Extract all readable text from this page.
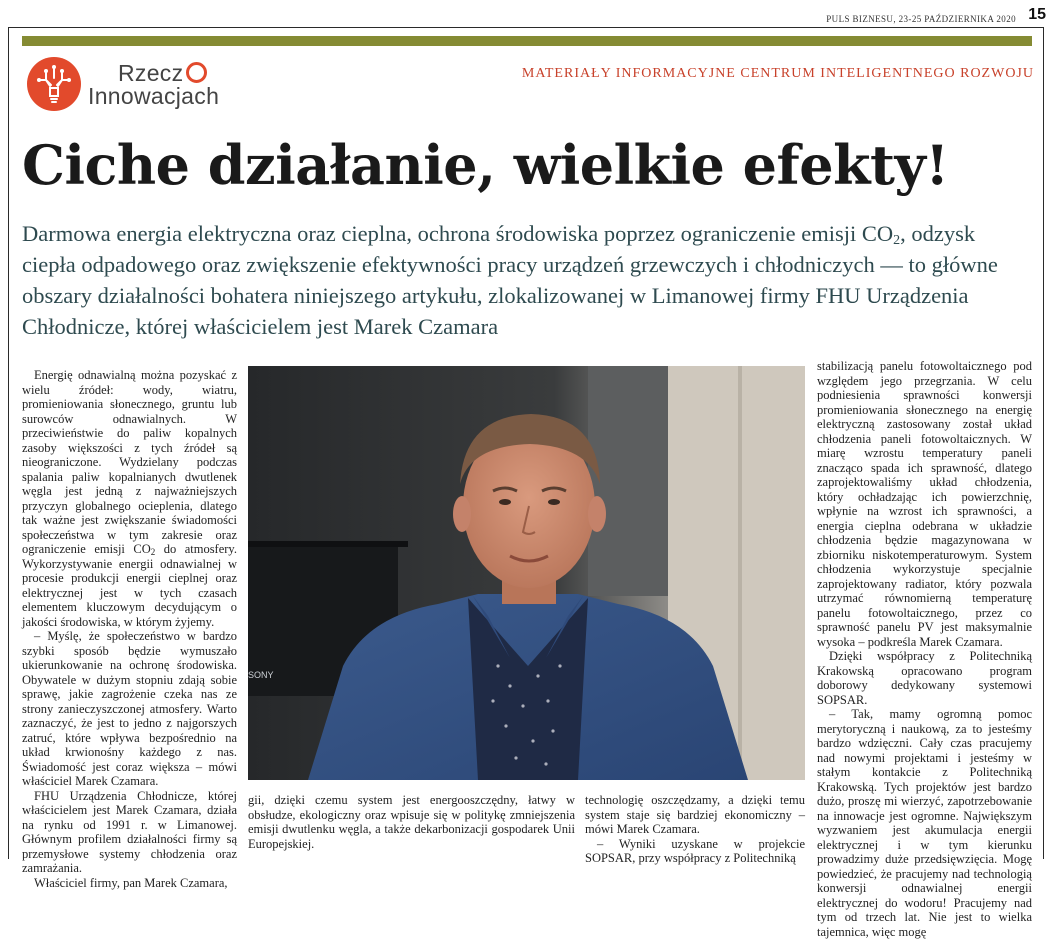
PULS BIZNESU, 23-25 PAŹDZIERNIKA 2020 15
Rzecz
Innowacjach
MATERIAŁY INFORMACYJNE CENTRUM INTELIGENTNEGO ROZWOJU
Ciche działanie, wielkie efekty!

Darmowa energia elektryczna oraz cieplna, ochrona środowiska poprzez ograniczenie emisji $CO_2$, odzysk ciepła odpadowego oraz zwiększenie efektywności pracy urządzeń grzewczych i chłodniczych — to główne obszary działalności bohatera niniejszego artykułu, zlokalizowanej w Limanowej firmy FHU Urządzenia Chłodnicze, której właścicielem jest Marek Czamara

Energię odnawialną można pozyskać z wielu źródeł: wody, wiatru, promieniowania słonecznego, gruntu lub surowców odnawialnych. W przeciwieństwie do paliw kopalnych zasoby większości z tych źródeł są nieograniczone. Wydzielany podczas spalania paliw kopalnianych dwutlenek węgla jest jedną z najważniejszych przyczyn globalnego ocieplenia, dlatego tak ważne jest zwiększanie świadomości społeczeństwa w tym zakresie oraz ograniczenie emisji $CO_2$ do atmosfery. Wykorzystywanie energii odnawialnej w procesie produkcji energii cieplnej oraz elektrycznej jest w tych czasach elementem kluczowym decydującym o jakości środowiska, w którym żyjemy.

– Myślę, że społeczeństwo w bardzo szybki sposób będzie wymuszało ukierunkowanie na ochronę środowiska. Obywatele w dużym stopniu zdają sobie sprawę, jakie zagrożenie czeka nas ze strony zanieczyszczonej atmosfery. Warto zaznaczyć, że jest to jedno z najgorszych zatruć, które wpływa bezpośrednio na układ krwionośny każdego z nas. Świadomość jest coraz większa – mówi właściciel Marek Czamara.

FHU Urządzenia Chłodnicze, której właścicielem jest Marek Czamara, działa na rynku od 1991 r. w Limanowej. Głównym profilem działalności firmy są przemysłowe systemy chłodzenia oraz zamrażania.

Właściciel firmy, pan Marek Czamara,

SONY

gii, dzięki czemu system jest energooszczędny, łatwy w obsłudze, ekologiczny oraz wpisuje się w politykę zmniejszenia emisji dwutlenku węgla, a także dekarbonizacji gospodarek Unii Europejskiej.

technologię oszczędzamy, a dzięki temu system staje się bardziej ekonomiczny – mówi Marek Czamara.

– Wyniki uzyskane w projekcie SOPSAR, przy współpracy z Politechniką

stabilizacją panelu fotowoltaicznego pod względem jego przegrzania. W celu podniesienia sprawności konwersji promieniowania słonecznego na energię elektryczną zastosowany został układ chłodzenia paneli fotowoltaicznych. W miarę wzrostu temperatury paneli znacząco spada ich sprawność, dlatego zaprojektowaliśmy układ chłodzenia, który ochładzając ich powierzchnię, wpłynie na wzrost ich sprawności, a energia cieplna odebrana w układzie chłodzenia będzie magazynowana w zbiorniku niskotemperaturowym. System chłodzenia wykorzystuje specjalnie zaprojektowany radiator, który pozwala utrzymać równomierną temperaturę panelu fotowoltaicznego, przez co sprawność panelu PV jest maksymalnie wysoka – podkreśla Marek Czamara.

Dzięki współpracy z Politechniką Krakowską opracowano program doborowy dedykowany systemowi SOPSAR.

– Tak, mamy ogromną pomoc merytoryczną i naukową, za to jesteśmy bardzo wdzięczni. Cały czas pracujemy nad nowymi projektami i jesteśmy w stałym kontakcie z Politechniką Krakowską. Tych projektów jest bardzo dużo, proszę mi wierzyć, zapotrzebowanie na innowacje jest ogromne. Największym wyzwaniem jest akumulacja energii elektrycznej i w tym kierunku prowadzimy duże przedsięwzięcia. Mogę powiedzieć, że pracujemy nad technologią konwersji odnawialnej energii elektrycznej do wodoru! Pracujemy nad tym od trzech lat. Nie jest to wielka tajemnica, więc mogę
